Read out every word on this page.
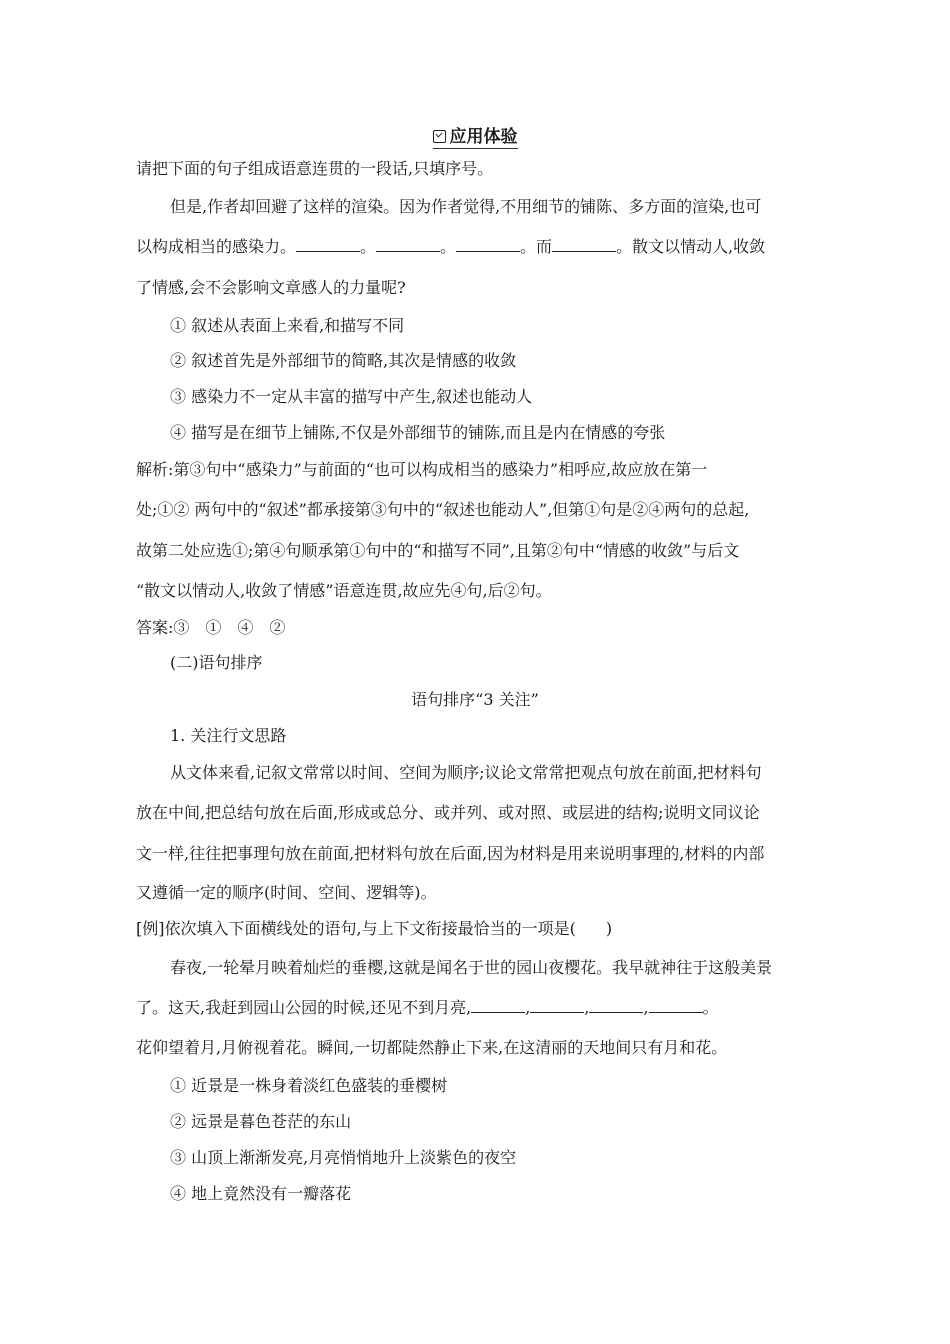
应用体验
请把下面的句子组成语意连贯的一段话,只填序号。
但是,作者却回避了这样的渲染。因为作者觉得,不用细节的铺陈、多方面的渲染,也可
以构成相当的感染力。	。	。	。而	。散文以情动人,收敛
了情感,会不会影响文章感人的力量呢?
① 叙述从表面上来看,和描写不同
② 叙述首先是外部细节的简略,其次是情感的收敛
③ 感染力不一定从丰富的描写中产生,叙述也能动人
④ 描写是在细节上铺陈,不仅是外部细节的铺陈,而且是内在情感的夸张
解析:第③句中“感染力”与前面的“也可以构成相当的感染力”相呼应,故应放在第一
处;①② 两句中的“叙述”都承接第③句中的“叙述也能动人”,但第①句是②④两句的总起,
故第二处应选①;第④句顺承第①句中的“和描写不同”,且第②句中“情感的收敛”与后文
“散文以情动人,收敛了情感”语意连贯,故应先④句,后②句。
答案:③　①　④　②
(二)语句排序
语句排序“3 关注”
1. 关注行文思路
从文体来看,记叙文常常以时间、空间为顺序;议论文常常把观点句放在前面,把材料句
放在中间,把总结句放在后面,形成或总分、或并列、或对照、或层进的结构;说明文同议论
文一样,往往把事理句放在前面,把材料句放在后面,因为材料是用来说明事理的,材料的内部
又遵循一定的顺序(时间、空间、逻辑等)。
[例]依次填入下面横线处的语句,与上下文衔接最恰当的一项是( )
春夜,一轮晕月映着灿烂的垂樱,这就是闻名于世的园山夜樱花。我早就神往于这般美景
了。这天,我赶到园山公园的时候,还见不到月亮,	,	,	,	。
花仰望着月,月俯视着花。瞬间,一切都陡然静止下来,在这清丽的天地间只有月和花。
① 近景是一株身着淡红色盛装的垂樱树
② 远景是暮色苍茫的东山
③ 山顶上渐渐发亮,月亮悄悄地升上淡紫色的夜空
④ 地上竟然没有一瓣落花
